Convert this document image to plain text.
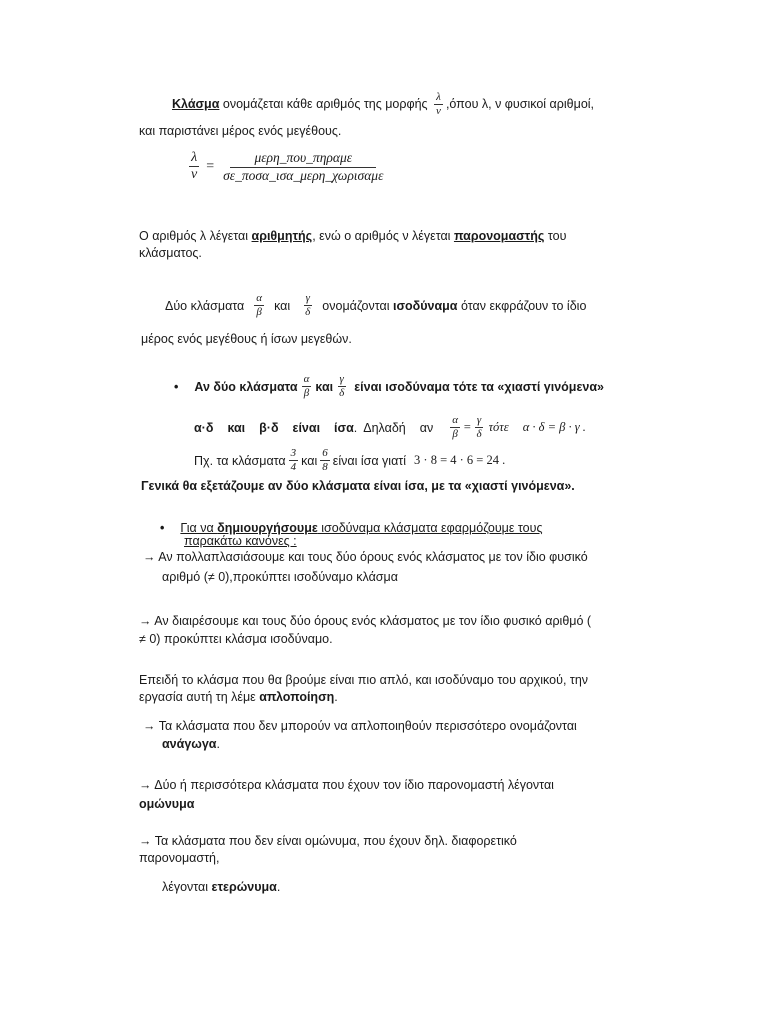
Κλάσμα ονομάζεται κάθε αριθμός της μορφής $\frac{\lambda}{\nu} ,ό\pi o\upsilon$ λ, ν φυσικοί αριθμοί,
και παριστάνει μέρος ενός μεγέθους.
$\frac{\lambda}{\nu} = \frac{\text{μερη\_που\_πηραμε}}{\text{σε\_ποσα\_ισα\_μερη\_χωρισαμε}}$
Ο αριθμός λ λέγεται αριθμητής, ενώ ο αριθμός ν λέγεται παρονομαστής του
κλάσματος.
Δύο κλάσματα $\frac{\alpha}{\beta}$ και $\frac{\gamma}{\delta}$ ονομάζονται ισοδύναμα όταν εκφράζουν το ίδιο
μέρος ενός μεγέθους ή ίσων μεγεθών.
•
Αν δύο κλάσματα $\frac{\alpha}{\beta}$ και $\frac{\gamma}{\delta}$ είναι ισοδύναμα τότε τα «χιαστί γινόμενα»
α·δ και β·δ είναι ίσα . Δηλαδή αν $\frac{\alpha}{\beta} = \frac{\gamma}{\delta}$ τότε α · δ = β · γ .
Πχ. τα κλάσματα $\frac{3}{4}$ και $\frac{6}{8}$ είναι ίσα γιατί 3 · 8 = 4 · 6 = 24 .
Γενικά θα εξετάζουμε αν δύο κλάσματα είναι ίσα, με τα «χιαστί γινόμενα».
• Για να δημιουργήσουμε ισοδύναμα κλάσματα εφαρμόζουμε τους
παρακάτω κανόνες :
→ Αν πολλαπλασιάσουμε και τους δύο όρους ενός κλάσματος με τον ίδιο φυσικό
αριθμό (≠ 0),προκύπτει ισοδύναμο κλάσμα
→ Αν διαιρέσουμε και τους δύο όρους ενός κλάσματος με τον ίδιο φυσικό αριθμό (
≠ 0) προκύπτει κλάσμα ισοδύναμο.
Επειδή το κλάσμα που θα βρούμε είναι πιο απλό, και ισοδύναμο του αρχικού, την
εργασία αυτή τη λέμε απλοποίηση.
→ Τα κλάσματα που δεν μπορούν να απλοποιηθούν περισσότερο ονομάζονται
ανάγωγα.
→ Δύο ή περισσότερα κλάσματα που έχουν τον ίδιο παρονομαστή λέγονται
ομώνυμα
→ Τα κλάσματα που δεν είναι ομώνυμα, που έχουν δηλ. διαφορετικό
παρονομαστή,
λέγονται ετερώνυμα.
